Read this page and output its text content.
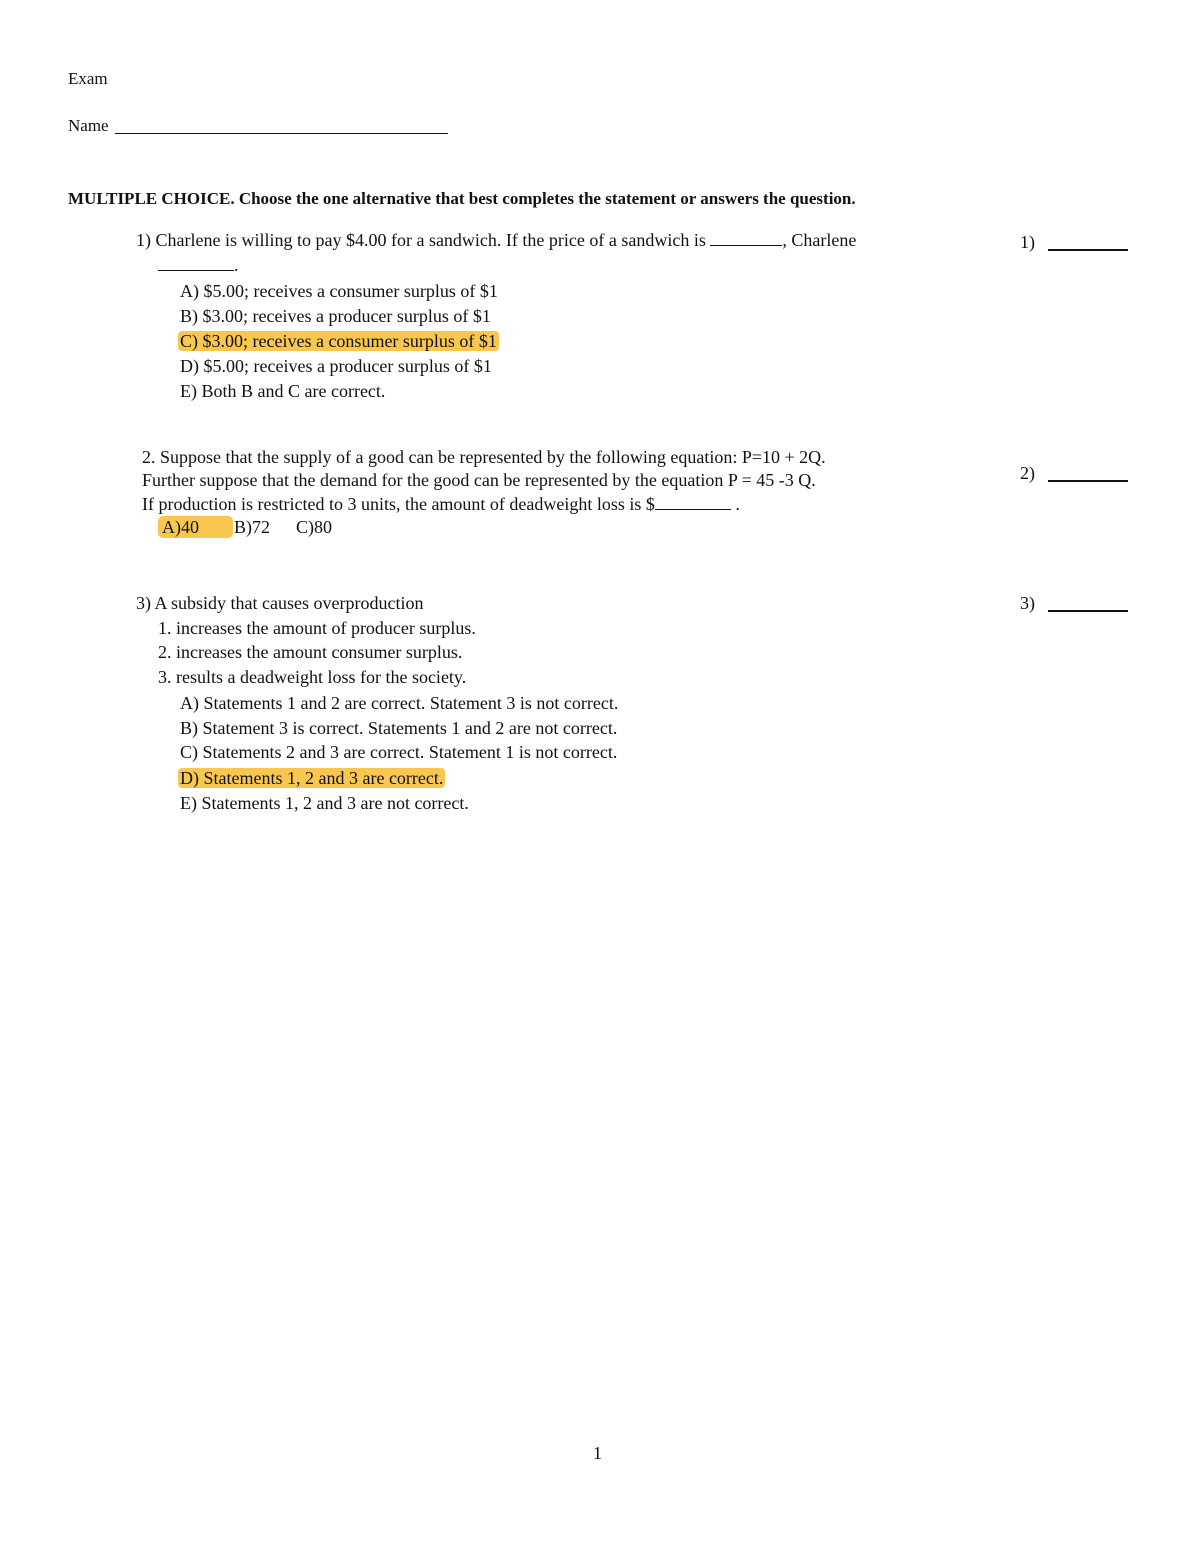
Exam
Name
MULTIPLE CHOICE. Choose the one alternative that best completes the statement or answers the question.
1) Charlene is willing to pay $4.00 for a sandwich. If the price of a sandwich is	, Charlene
.
1)
A) $5.00; receives a consumer surplus of $1
B) $3.00; receives a producer surplus of $1
C) $3.00; receives a consumer surplus of $1
D) $5.00; receives a producer surplus of $1
E) Both B and C are correct.
2. Suppose that the supply of a good can be represented by the following equation: P=10 + 2Q.
Further suppose that the demand for the good can be represented by the equation P = 45 -3 Q.
If production is restricted to 3 units, the amount of deadweight loss is $	.
2)
A)40 B)72 C)80
3) A subsidy that causes overproduction	3)
1. increases the amount of producer surplus.
2. increases the amount consumer surplus.
3. results a deadweight loss for the society.
A) Statements 1 and 2 are correct. Statement 3 is not correct.
B) Statement 3 is correct. Statements 1 and 2 are not correct.
C) Statements 2 and 3 are correct. Statement 1 is not correct.
D) Statements 1, 2 and 3 are correct.
E) Statements 1, 2 and 3 are not correct.
1
